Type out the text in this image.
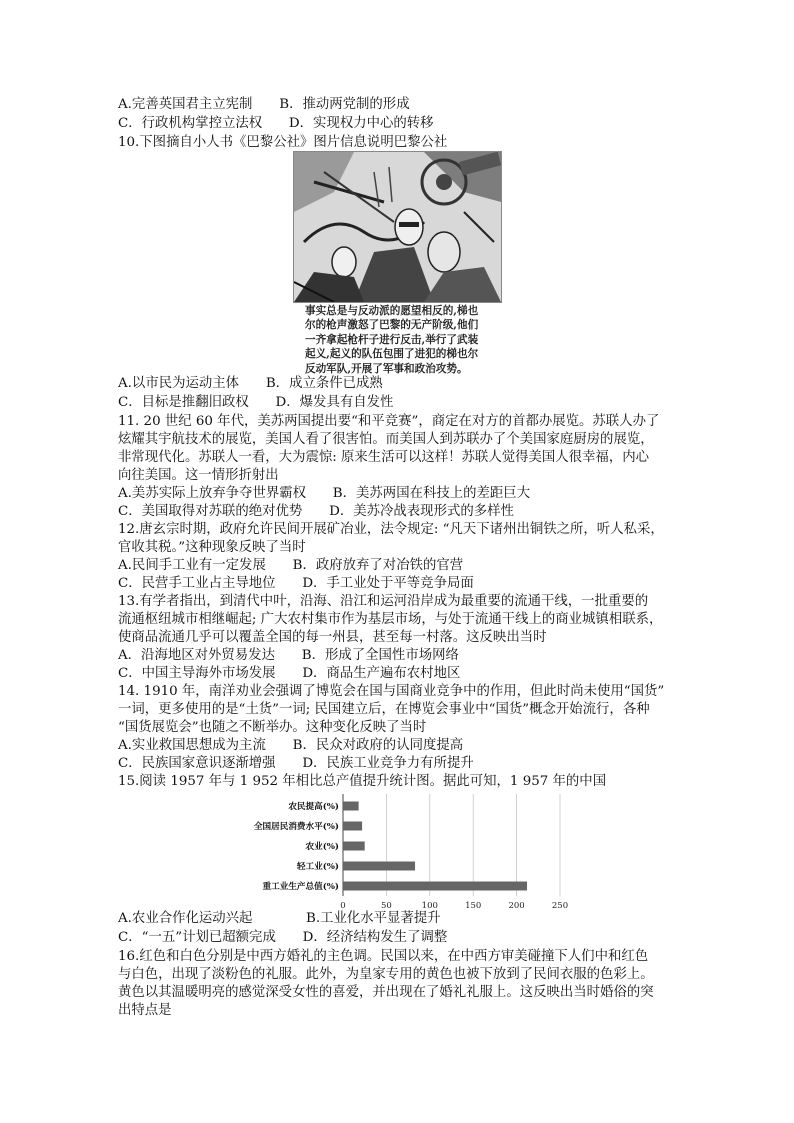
A.完善英国君主立宪制　　B．推动两党制的形成
C．行政机构掌控立法权　　D．实现权力中心的转移
10.下图摘自小人书《巴黎公社》图片信息说明巴黎公社
事实总是与反动派的愿望相反的,梯也
尔的枪声激怒了巴黎的无产阶级,他们
一齐拿起枪杆子进行反击,举行了武装
起义,起义的队伍包围了进犯的梯也尔
反动军队,开展了军事和政治攻势。
A.以市民为运动主体　　B．成立条件已成熟
C．目标是推翻旧政权　　D．爆发具有自发性
11. 20 世纪 60 年代，美苏两国提出要“和平竞赛”，商定在对方的首都办展览。苏联人办了
炫耀其宇航技术的展览，美国人看了很害怕。而美国人到苏联办了个美国家庭厨房的展览，
非常现代化。苏联人一看，大为震惊: 原来生活可以这样！苏联人觉得美国人很幸福，内心
向往美国。这一情形折射出
A.美苏实际上放弃争夺世界霸权　　B．美苏两国在科技上的差距巨大
C．美国取得对苏联的绝对优势　　D．美苏冷战表现形式的多样性
12.唐玄宗时期，政府允许民间开展矿冶业，法令规定: “凡天下诸州出铜铁之所，听人私采，
官收其税。”这种现象反映了当时
A.民间手工业有一定发展　　B．政府放弃了对冶铁的官营
C．民营手工业占主导地位　　D．手工业处于平等竞争局面
13.有学者指出，到清代中叶，沿海、沿江和运河沿岸成为最重要的流通干线，一批重要的
流通枢纽城市相继崛起; 广大农村集市作为基层市场，与处于流通干线上的商业城镇相联系，
使商品流通几乎可以覆盖全国的每一州县，甚至每一村落。这反映出当时
A．沿海地区对外贸易发达　　B．形成了全国性市场网络
C．中国主导海外市场发展　　D．商品生产遍布农村地区
14. 1910 年，南洋劝业会强调了博览会在国与国商业竞争中的作用，但此时尚未使用“国货”
一词，更多使用的是“土货”一词; 民国建立后，在博览会事业中“国货”概念开始流行，各种
“国货展览会”也随之不断举办。这种变化反映了当时
A.实业救国思想成为主流　　B．民众对政府的认同度提高
C．民族国家意识逐渐增强　　D．民族工业竞争力有所提升
15.阅读 1957 年与 1 952 年相比总产值提升统计图。据此可知，1 957 年的中国
0	50	100	150	200	250
农民提高(%)
全国居民消费水平(%)
农业(%)
轻工业(%)
重工业生产总值(%)
A.农业合作化运动兴起　　　　B.工业化水平显著提升
C．“一五”计划已超额完成　　D．经济结构发生了调整
16.红色和白色分别是中西方婚礼的主色调。民国以来，在中西方审美碰撞下人们中和红色
与白色，出现了淡粉色的礼服。此外，为皇家专用的黄色也被下放到了民间衣服的色彩上。
黄色以其温暖明亮的感觉深受女性的喜爱，并出现在了婚礼礼服上。这反映出当时婚俗的突
出特点是
